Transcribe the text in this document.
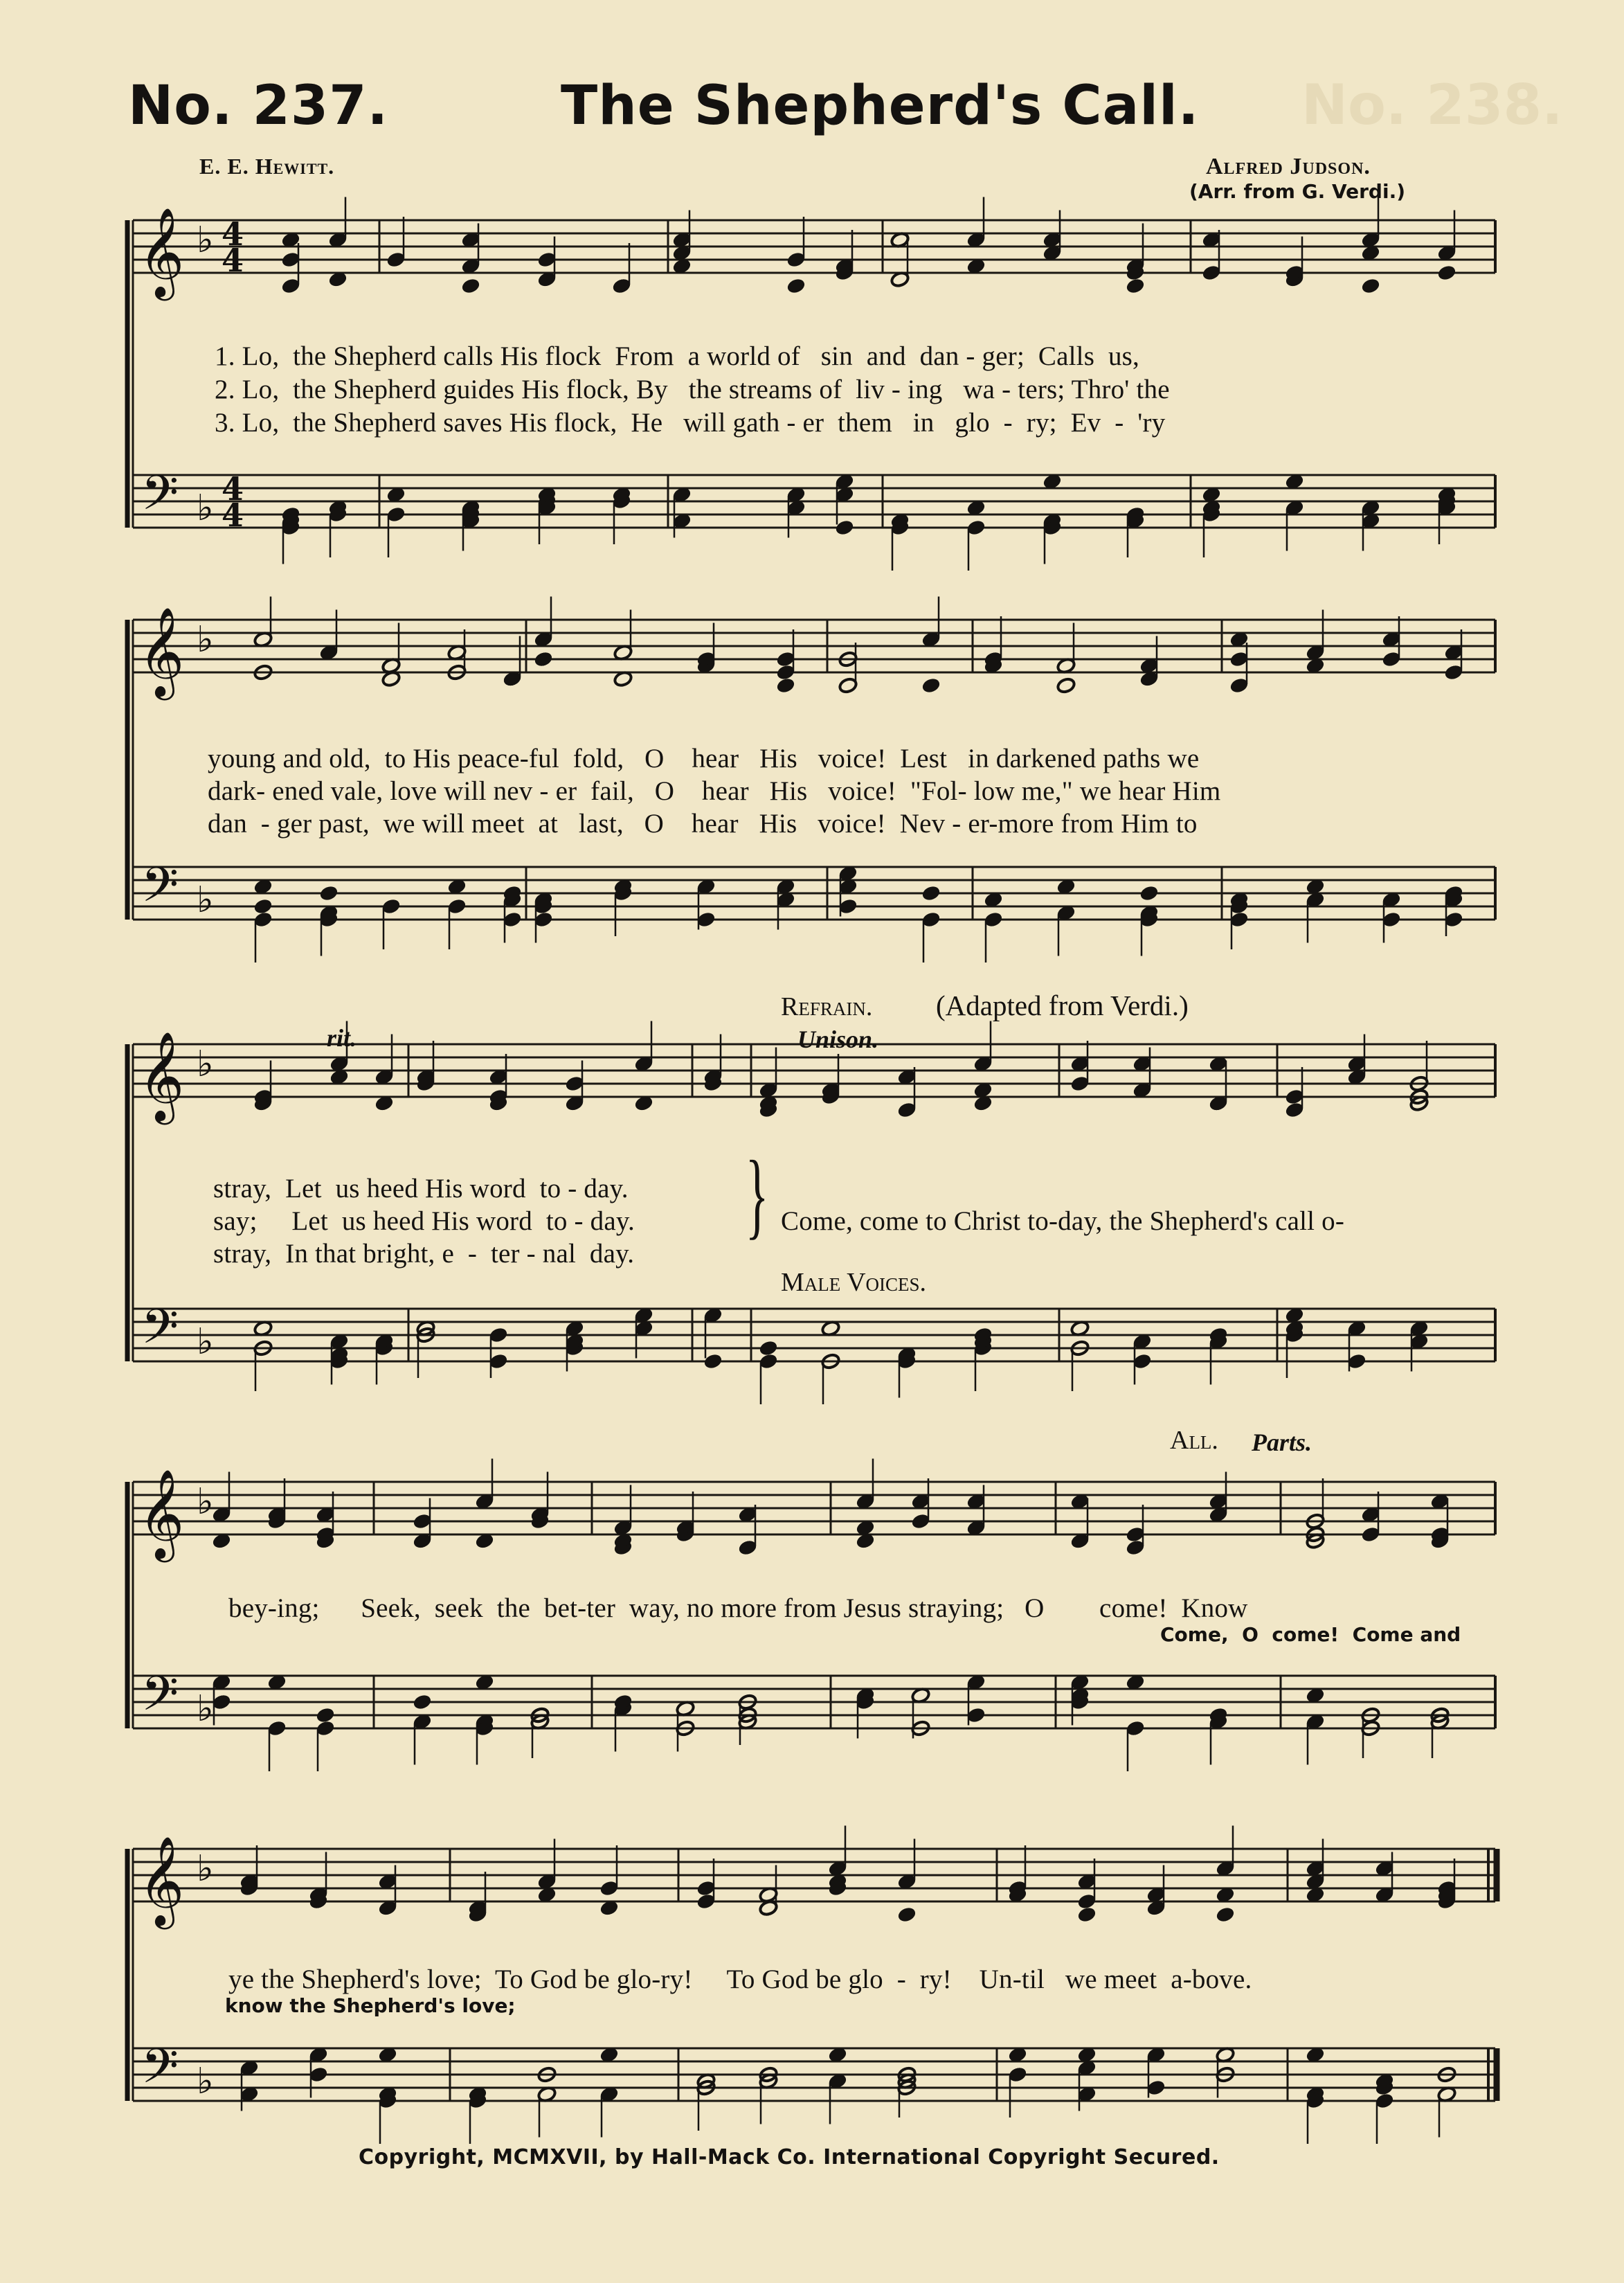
No. 238.
No. 237.	The Shepherd's Call.
E. E. Hewitt.	Alfred Judson.
(Arr. from G. Verdi.)
𝄞
𝄢
♭
♭
4
4
4
4
𝄞
𝄢
♭
♭
𝄞
𝄢
♭
♭
𝄞
𝄢
♭
♭
𝄞
𝄢
♭
♭
1. Lo,  the Shepherd calls His flock  From  a world of   sin  and  dan - ger;  Calls  us,
2. Lo,  the Shepherd guides His flock, By   the streams of  liv - ing   wa - ters; Thro' the
3. Lo,  the Shepherd saves His flock,  He   will gath - er  them   in   glo  -  ry;  Ev  -  'ry
young and old,  to His peace-ful  fold,   O    hear   His   voice!  Lest   in darkened paths we
dark- ened vale, love will nev - er  fail,   O    hear   His   voice!  "Fol- low me," we hear Him
dan  - ger past,  we will meet  at   last,   O    hear   His   voice!  Nev - er-more from Him to
rit.
Refrain. (Adapted from Verdi.)
Unison.
stray,  Let  us heed His word  to - day.
say;     Let  us heed His word  to - day.
stray,  In that bright, e  -  ter - nal  day.
} Come, come to Christ to-day, the Shepherd's call o-
Male Voices.
All. Parts.
bey-ing;      Seek,  seek  the  bet-ter  way, no more from Jesus straying;   O        come!  Know
Come,  O  come!  Come and
ye the Shepherd's love;  To God be glo-ry!     To God be glo  -  ry!    Un-til   we meet  a-bove.
know the Shepherd's love;
Copyright, MCMXVII, by Hall-Mack Co. International Copyright Secured.
